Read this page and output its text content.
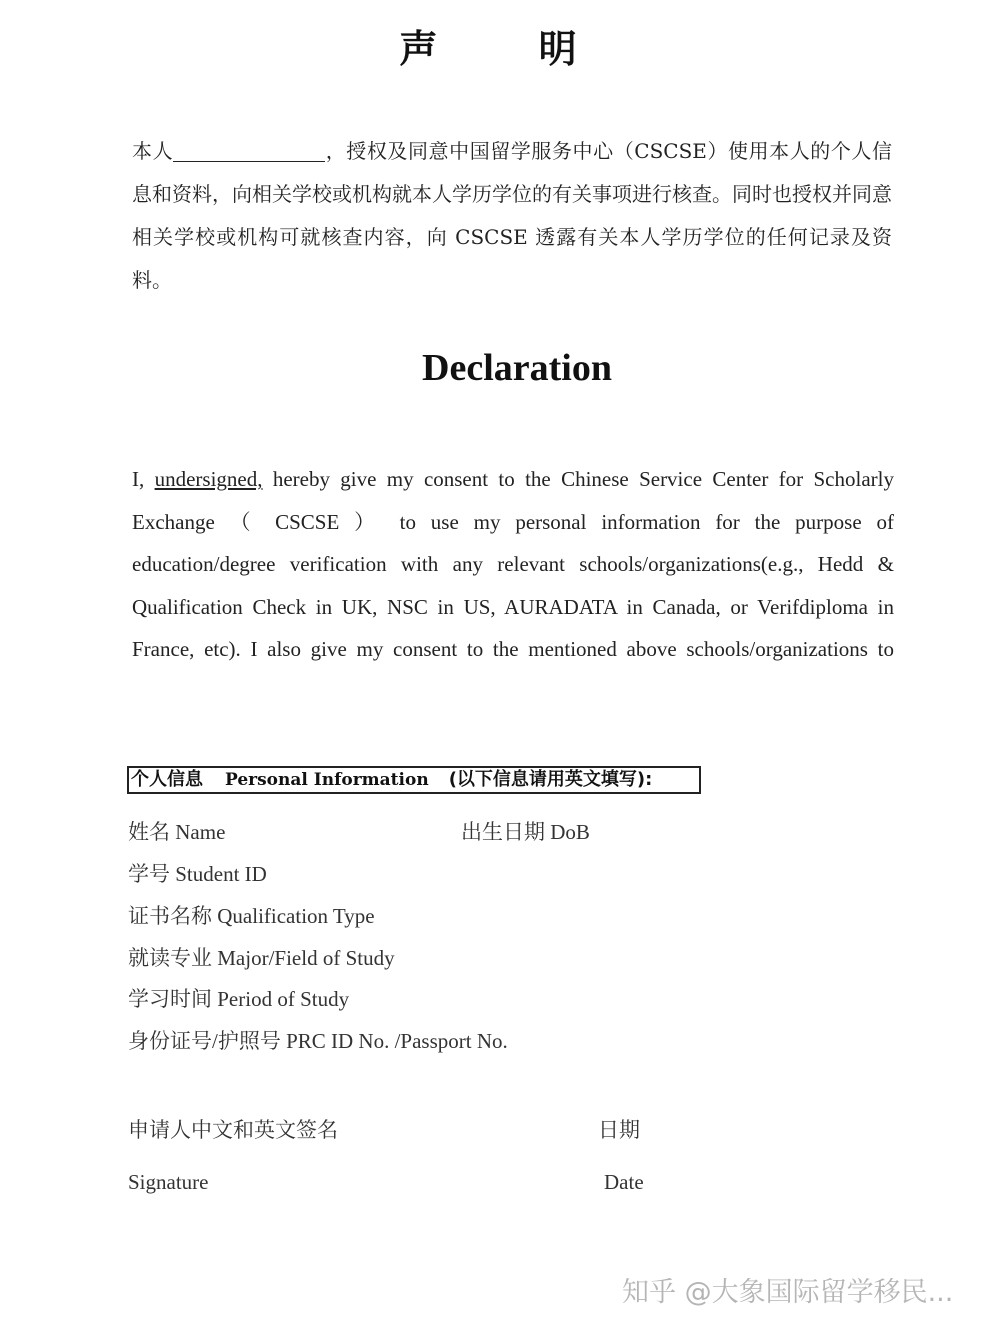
声 明
本人	，授权及同意中国留学服务中心（CSCSE）使用本人的个人信息和资料，向相关学校或机构就本人学历学位的有关事项进行核查。同时也授权并同意相关学校或机构可就核查内容，向 CSCSE 透露有关本人学历学位的任何记录及资料。
Declaration
I, undersigned, hereby give my consent to the Chinese Service Center for Scholarly Exchange （ CSCSE ） to use my personal information for the purpose of education/degree verification with any relevant schools/organizations(e.g., Hedd & Qualification Check in UK, NSC in US, AURADATA in Canada, or Verifdiploma in France, etc). I also give my consent to the mentioned above schools/organizations to
个人信息 Personal Information (以下信息请用英文填写):
姓名 Name	出生日期 DoB
学号 Student ID
证书名称 Qualification Type
就读专业 Major/Field of Study
学习时间 Period of Study
身份证号/护照号 PRC ID No. /Passport No.
申请人中文和英文签名	日期
Signature	Date
知乎 @大象国际留学移民...
